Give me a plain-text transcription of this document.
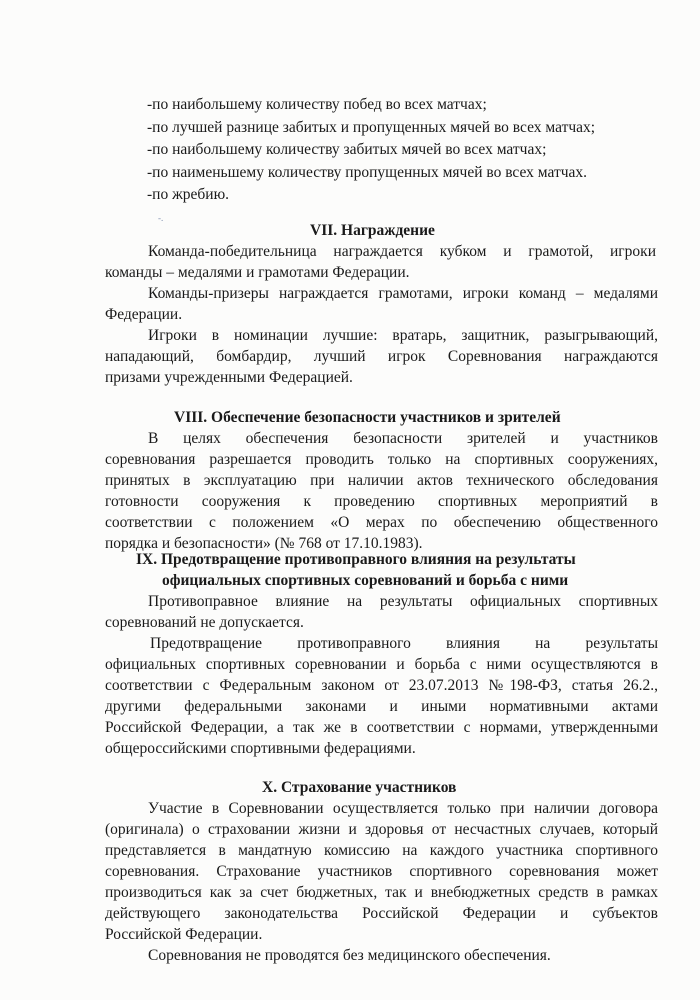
-по наибольшему количеству побед во всех матчах;

-по лучшей разнице забитых и пропущенных мячей во всех матчах;

-по наибольшему количеству забитых мячей во всех матчах;

-по наименьшему количеству пропущенных мячей во всех матчах.

-по жребию.

-.

VII. Награждение

Команда-победительница награждается кубком и грамотой, игроки

команды – медалями и грамотами Федерации.

Команды-призеры награждается грамотами, игроки команд – медалями

Федерации.

Игроки в номинации лучшие: вратарь, защитник, разыгрывающий,

нападающий, бомбардир, лучший игрок Соревнования награждаются

призами учрежденными Федерацией.

VIII. Обеспечение безопасности участников и зрителей

В целях обеспечения безопасности зрителей и участников

соревнования разрешается проводить только на спортивных сооружениях,

принятых в эксплуатацию при наличии актов технического обследования

готовности сооружения к проведению спортивных мероприятий в

соответствии с положением «О мерах по обеспечению общественного

порядка и безопасности» (№ 768 от 17.10.1983).

IX. Предотвращение противоправного влияния на результаты

официальных спортивных соревнований и борьба с ними

Противоправное влияние на результаты официальных спортивных

соревнований не допускается.

Предотвращение противоправного влияния на результаты

официальных спортивных соревновании и борьба с ними осуществляются в

соответствии с Федеральным законом от 23.07.2013 №198-ФЗ, статья 26.2.,

другими федеральными законами и иными нормативными актами

Российской Федерации, а так же в соответствии с нормами, утвержденными

общероссийскими спортивными федерациями.

X. Страхование участников

Участие в Соревновании осуществляется только при наличии договора

(оригинала) о страховании жизни и здоровья от несчастных случаев, который

представляется в мандатную комиссию на каждого участника спортивного

соревнования. Страхование участников спортивного соревнования может

производиться как за счет бюджетных, так и внебюджетных средств в рамках

действующего законодательства Российской Федерации и субъектов

Российской Федерации.

Соревнования не проводятся без медицинского обеспечения.
